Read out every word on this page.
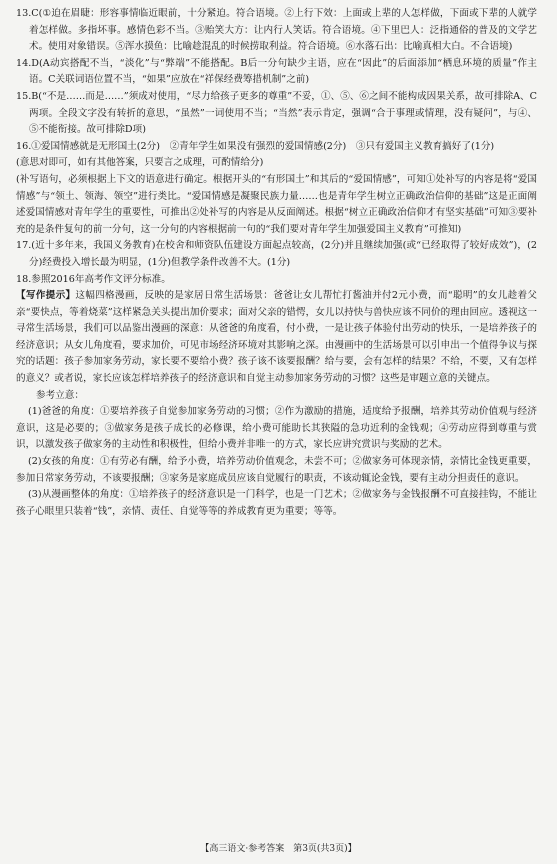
13.C(①迫在眉睫：形容事情临近眼前，十分紧迫。符合语境。②上行下效：上面或上辈的人怎样做，下面或下辈的人就学着怎样做。多指坏事。感情色彩不当。③贻笑大方：让内行人笑话。符合语境。④下里巴人：泛指通俗的普及的文学艺术。使用对象错误。⑤浑水摸鱼：比喻趁混乱的时候捞取利益。符合语境。⑥水落石出：比喻真相大白。不合语境)

14.D(A动宾搭配不当，“淡化”与“弊端”不能搭配。B后一分句缺少主语，应在“因此”的后面添加“栖息环境的质量”作主语。C关联词语位置不当，“如果”应放在“祥保经费筹措机制”之前)

15.B(“不是……而是……”须成对使用，“尽力给孩子更多的尊重”不妥，①、⑤、⑥之间不能构成因果关系，故可排除A、C两项。全段文字没有转折的意思，“虽然”一词使用不当；“当然”表示肯定，强调“合于事理或情理，没有疑问”，与④、⑤不能衔接。故可排除D项)

16.①爱国情感就是无形国土(2分)　②青年学生如果没有强烈的爱国情感(2分)　③只有爱国主义教育搞好了(1分)

(意思对即可，如有其他答案，只要言之成理，可酌情给分)

(补写语句，必须根据上下文的语意进行确定。根据开头的“有形国土”和其后的“爱国情感”，可知①处补写的内容是将“爱国情感”与“领土、领海、领空”进行类比。“爱国情感是凝聚民族力量……也是青年学生树立正确政治信仰的基础”这是正面阐述爱国情感对青年学生的重要性，可推出②处补写的内容是从反面阐述。根据“树立正确政治信仰才有坚实基础”可知③要补充的是条件复句的前一分句，这一分句的内容根据前一句的“我们要对青年学生加强爱国主义教育”可推知)

17.(近十多年来，我国义务教育)在校舍和师资队伍建设方面起点较高，(2分)并且继续加强(或“已经取得了较好成效”)，(2分)经费投入增长最为明显，(1分)但教学条件改善不大。(1分)

18.参照2016年高考作文评分标准。

【写作提示】这幅四格漫画，反映的是家居日常生活场景：爸爸让女儿帮忙打酱油并付2元小费，而“聪明”的女儿趁着父亲“要快点，等着烧菜”这样紧急关头提出加价要求；面对父亲的错愕，女儿以持快与兽快应该不同价的理由回应。透视这一寻常生活场景，我们可以品鉴出漫画的深意：从爸爸的角度看，付小费，一是让孩子体验付出劳动的快乐，一是培养孩子的经济意识；从女儿角度看，要求加价，可见市场经济环境对其影响之深。由漫画中的生活场景可以引申出一个值得争议与探究的话题：孩子参加家务劳动，家长要不要给小费？孩子该不该要报酬？给与要，会有怎样的结果？不给，不要，又有怎样的意义？或者说，家长应该怎样培养孩子的经济意识和自觉主动参加家务劳动的习惯？这些是审题立意的关键点。

参考立意：

(1)爸爸的角度：①要培养孩子自觉参加家务劳动的习惯；②作为激励的措施，适度给予报酬，培养其劳动价值观与经济意识，这是必要的；③做家务是孩子成长的必修课，给小费可能助长其狭隘的急功近利的金钱观；④劳动应得到尊重与赏识，以激发孩子做家务的主动性和积极性，但给小费并非唯一的方式，家长应讲究赏识与奖励的艺术。

(2)女孩的角度：①有劳必有酬，给予小费，培养劳动价值观念，未尝不可；②做家务可体现亲情，亲情比金钱更重要，参加日常家务劳动，不该要报酬；③家务是家庭成员应该自觉履行的职责，不该动辄论金钱，要有主动分担责任的意识。

(3)从漫画整体的角度：①培养孩子的经济意识是一门科学，也是一门艺术；②做家务与金钱报酬不可直接挂钩，不能让孩子心眼里只装着“钱”，亲情、责任、自觉等等的养成教育更为重要；等等。

【高三语文·参考答案　第3页(共3页)】
